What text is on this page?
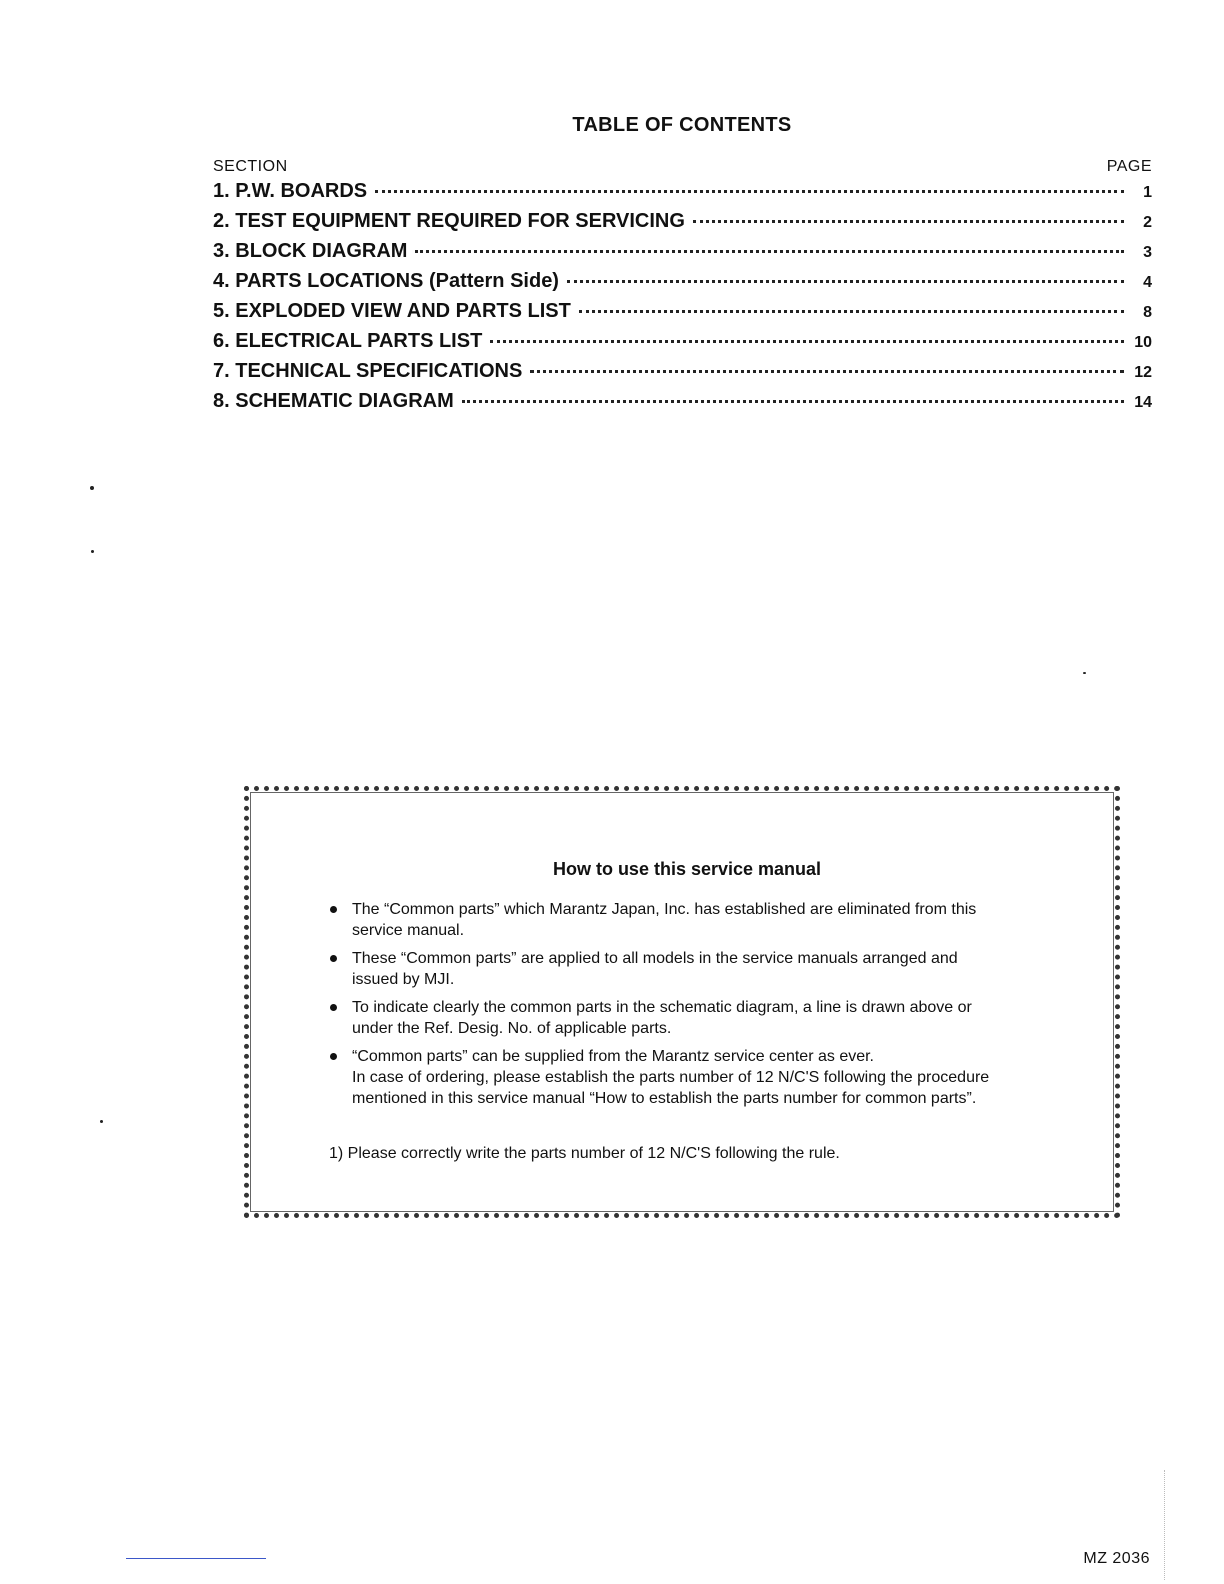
TABLE OF CONTENTS
SECTION	PAGE
1. P.W. BOARDS	1
2. TEST EQUIPMENT REQUIRED FOR SERVICING	2
3. BLOCK DIAGRAM	3
4. PARTS LOCATIONS (Pattern Side)	4
5. EXPLODED VIEW AND PARTS LIST	8
6. ELECTRICAL PARTS LIST	10
7. TECHNICAL SPECIFICATIONS	12
8. SCHEMATIC DIAGRAM	14
How to use this service manual
The “Common parts” which Marantz Japan, Inc. has established are eliminated from this
service manual.
These “Common parts” are applied to all models in the service manuals arranged and
issued by MJI.
To indicate clearly the common parts in the schematic diagram, a line is drawn above or
under the Ref. Desig. No. of applicable parts.
“Common parts” can be supplied from the Marantz service center as ever.
In case of ordering, please establish the parts number of 12 N/C'S following the procedure
mentioned in this service manual “How to establish the parts number for common parts”.
1) Please correctly write the parts number of 12 N/C'S following the rule.
MZ 2036
